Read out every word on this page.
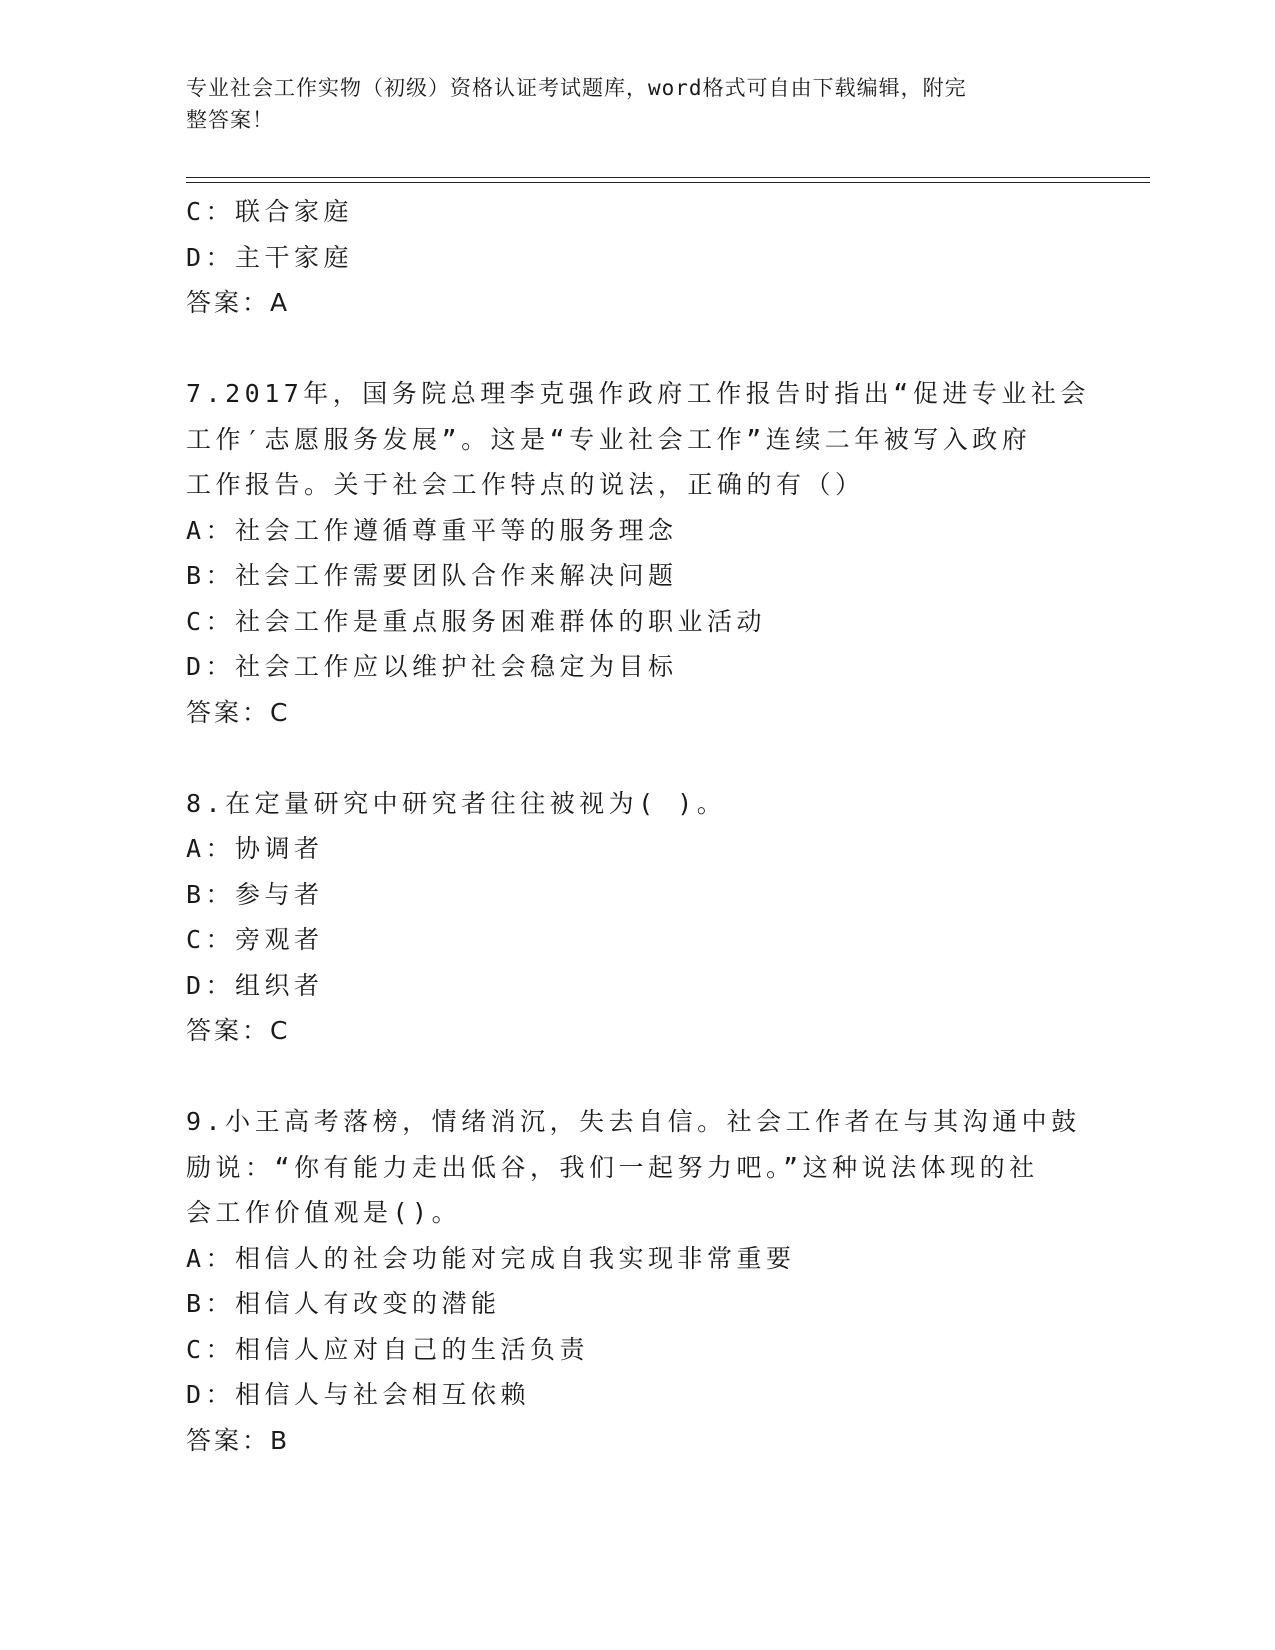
专业社会工作实物（初级）资格认证考试题库，word格式可自由下载编辑，附完
整答案！
C：联合家庭
D：主干家庭
答案：A
7.2017年，国务院总理李克强作政府工作报告时指出“促进专业社会
工作′志愿服务发展”。这是“专业社会工作”连续二年被写入政府
工作报告。关于社会工作特点的说法，正确的有（）
A：社会工作遵循尊重平等的服务理念
B：社会工作需要团队合作来解决问题
C：社会工作是重点服务困难群体的职业活动
D：社会工作应以维护社会稳定为目标
答案：C
8.在定量研究中研究者往往被视为( )。
A：协调者
B：参与者
C：旁观者
D：组织者
答案：C
9.小王高考落榜，情绪消沉，失去自信。社会工作者在与其沟通中鼓
励说：“你有能力走出低谷，我们一起努力吧。”这种说法体现的社
会工作价值观是()。
A：相信人的社会功能对完成自我实现非常重要
B：相信人有改变的潜能
C：相信人应对自己的生活负责
D：相信人与社会相互依赖
答案：B
